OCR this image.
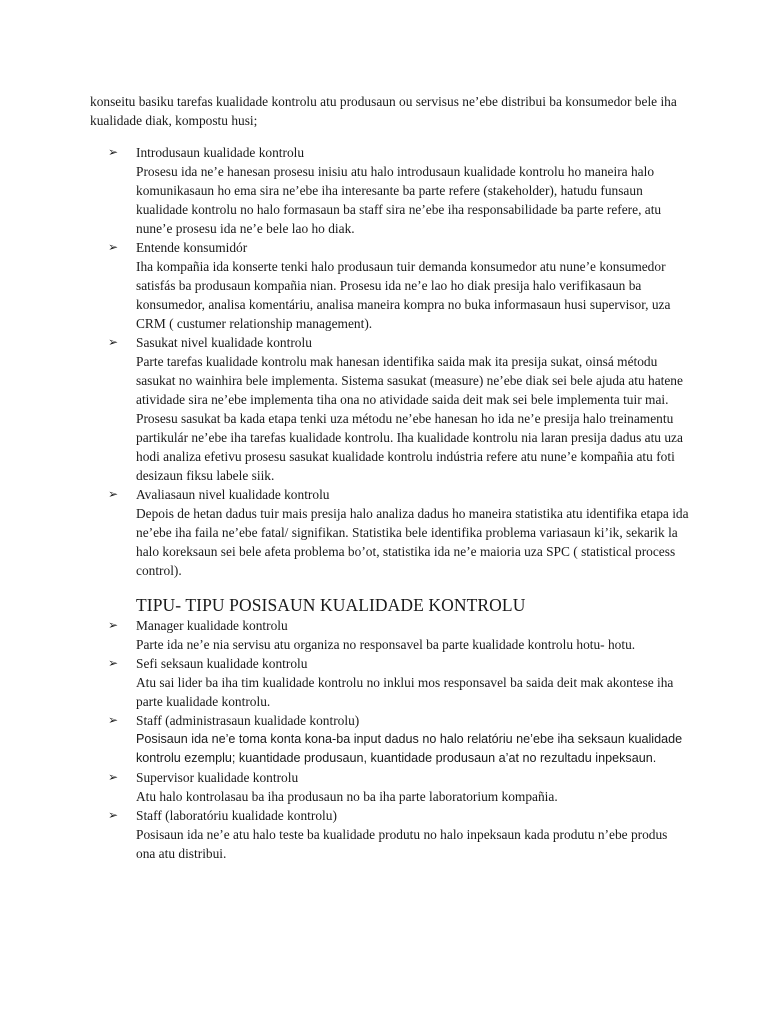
konseitu basiku tarefas kualidade kontrolu atu produsaun ou servisus ne’ebe distribui ba konsumedor bele iha kualidade diak, kompostu husi;

➢ Introdusaun kualidade kontrolu
Prosesu ida ne’e hanesan prosesu inisiu atu halo introdusaun kualidade kontrolu ho maneira halo komunikasaun ho ema sira ne’ebe iha interesante ba parte refere (stakeholder), hatudu funsaun kualidade kontrolu no halo formasaun ba staff sira ne’ebe iha responsabilidade ba parte refere, atu nune’e prosesu ida ne’e bele lao ho diak.
➢ Entende konsumidór
Iha kompañia ida konserte tenki halo produsaun tuir demanda konsumedor atu nune’e konsumedor satisfás ba produsaun kompañia nian. Prosesu ida ne’e lao ho diak presija halo verifikasaun ba konsumedor, analisa komentáriu, analisa maneira kompra no buka informasaun husi supervisor, uza CRM ( custumer relationship management).
➢ Sasukat nivel kualidade kontrolu
Parte tarefas kualidade kontrolu mak hanesan identifika saida mak ita presija sukat, oinsá métodu sasukat no wainhira bele implementa. Sistema sasukat (measure) ne’ebe diak sei bele ajuda atu hatene atividade sira ne’ebe implementa tiha ona no atividade saida deit mak sei bele implementa tuir mai. Prosesu sasukat ba kada etapa tenki uza métodu ne’ebe hanesan ho ida ne’e presija halo treinamentu partikulár ne’ebe iha tarefas kualidade kontrolu. Iha kualidade kontrolu nia laran presija dadus atu uza hodi analiza efetivu prosesu sasukat kualidade kontrolu indústria refere atu nune’e kompañia atu foti desizaun fiksu labele siik.
➢ Avaliasaun nivel kualidade kontrolu
Depois de hetan dadus tuir mais presija halo analiza dadus ho maneira statistika atu identifika etapa ida ne’ebe iha faila ne’ebe fatal/ signifikan. Statistika bele identifika problema variasaun ki’ik, sekarik la halo koreksaun sei bele afeta problema bo’ot, statistika ida ne’e maioria uza SPC ( statistical process control).
TIPU- TIPU POSISAUN KUALIDADE KONTROLU
➢ Manager kualidade kontrolu
Parte ida ne’e nia servisu atu organiza no responsavel ba parte kualidade kontrolu hotu- hotu.
➢ Sefi seksaun kualidade kontrolu
Atu sai lider ba iha tim kualidade kontrolu no inklui mos responsavel ba saida deit mak akontese iha parte kualidade kontrolu.
➢ Staff (administrasaun kualidade kontrolu)
Posisaun ida ne’e toma konta kona-ba input dadus no halo relatóriu ne’ebe iha seksaun kualidade kontrolu ezemplu; kuantidade produsaun, kuantidade produsaun a’at no rezultadu inpeksaun.
➢ Supervisor kualidade kontrolu
Atu halo kontrolasau ba iha produsaun no ba iha parte laboratorium kompañia.
➢ Staff (laboratóriu kualidade kontrolu)
Posisaun ida ne’e atu halo teste ba kualidade produtu no halo inpeksaun kada produtu n’ebe produs ona atu distribui.
